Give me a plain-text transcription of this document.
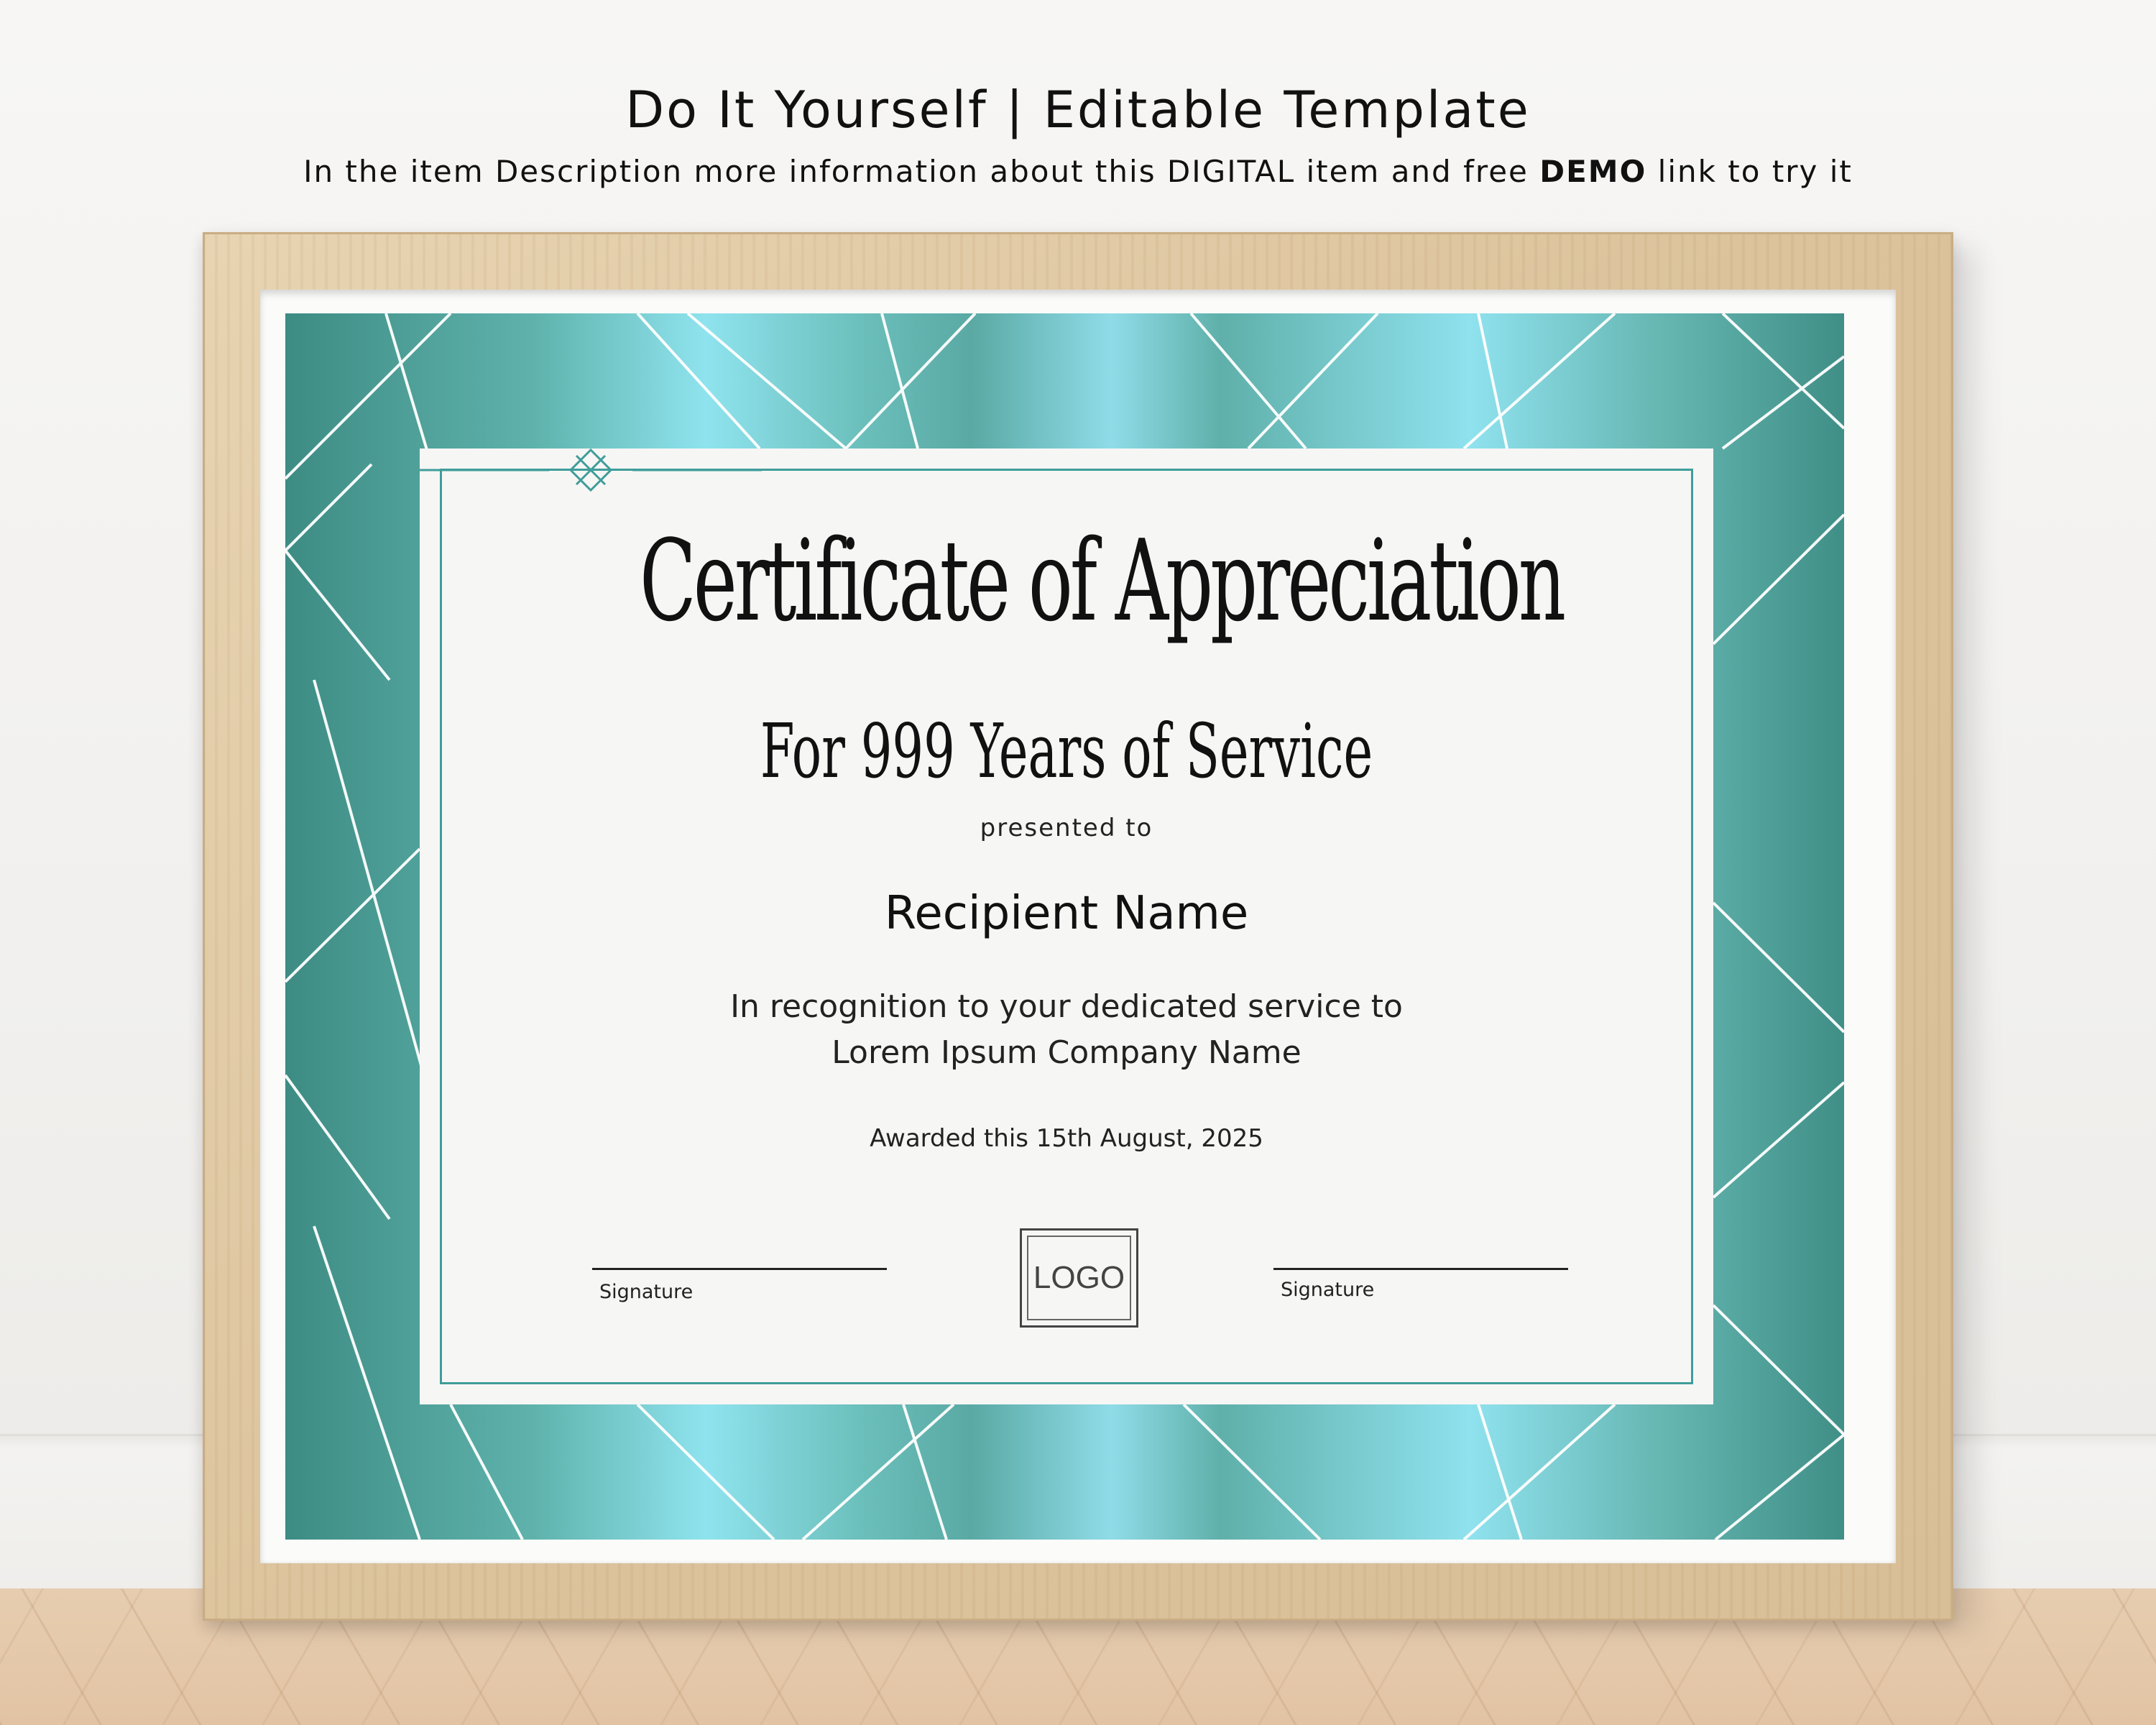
Do It Yourself | Editable Template
In the item Description more information about this DIGITAL item and free DEMO link to try it
Certificate of Appreciation
For 999 Years of Service
presented to
Recipient Name
In recognition to your dedicated service to
Lorem Ipsum Company Name
Awarded this 15th August, 2025
Signature	LOGO	Signature
